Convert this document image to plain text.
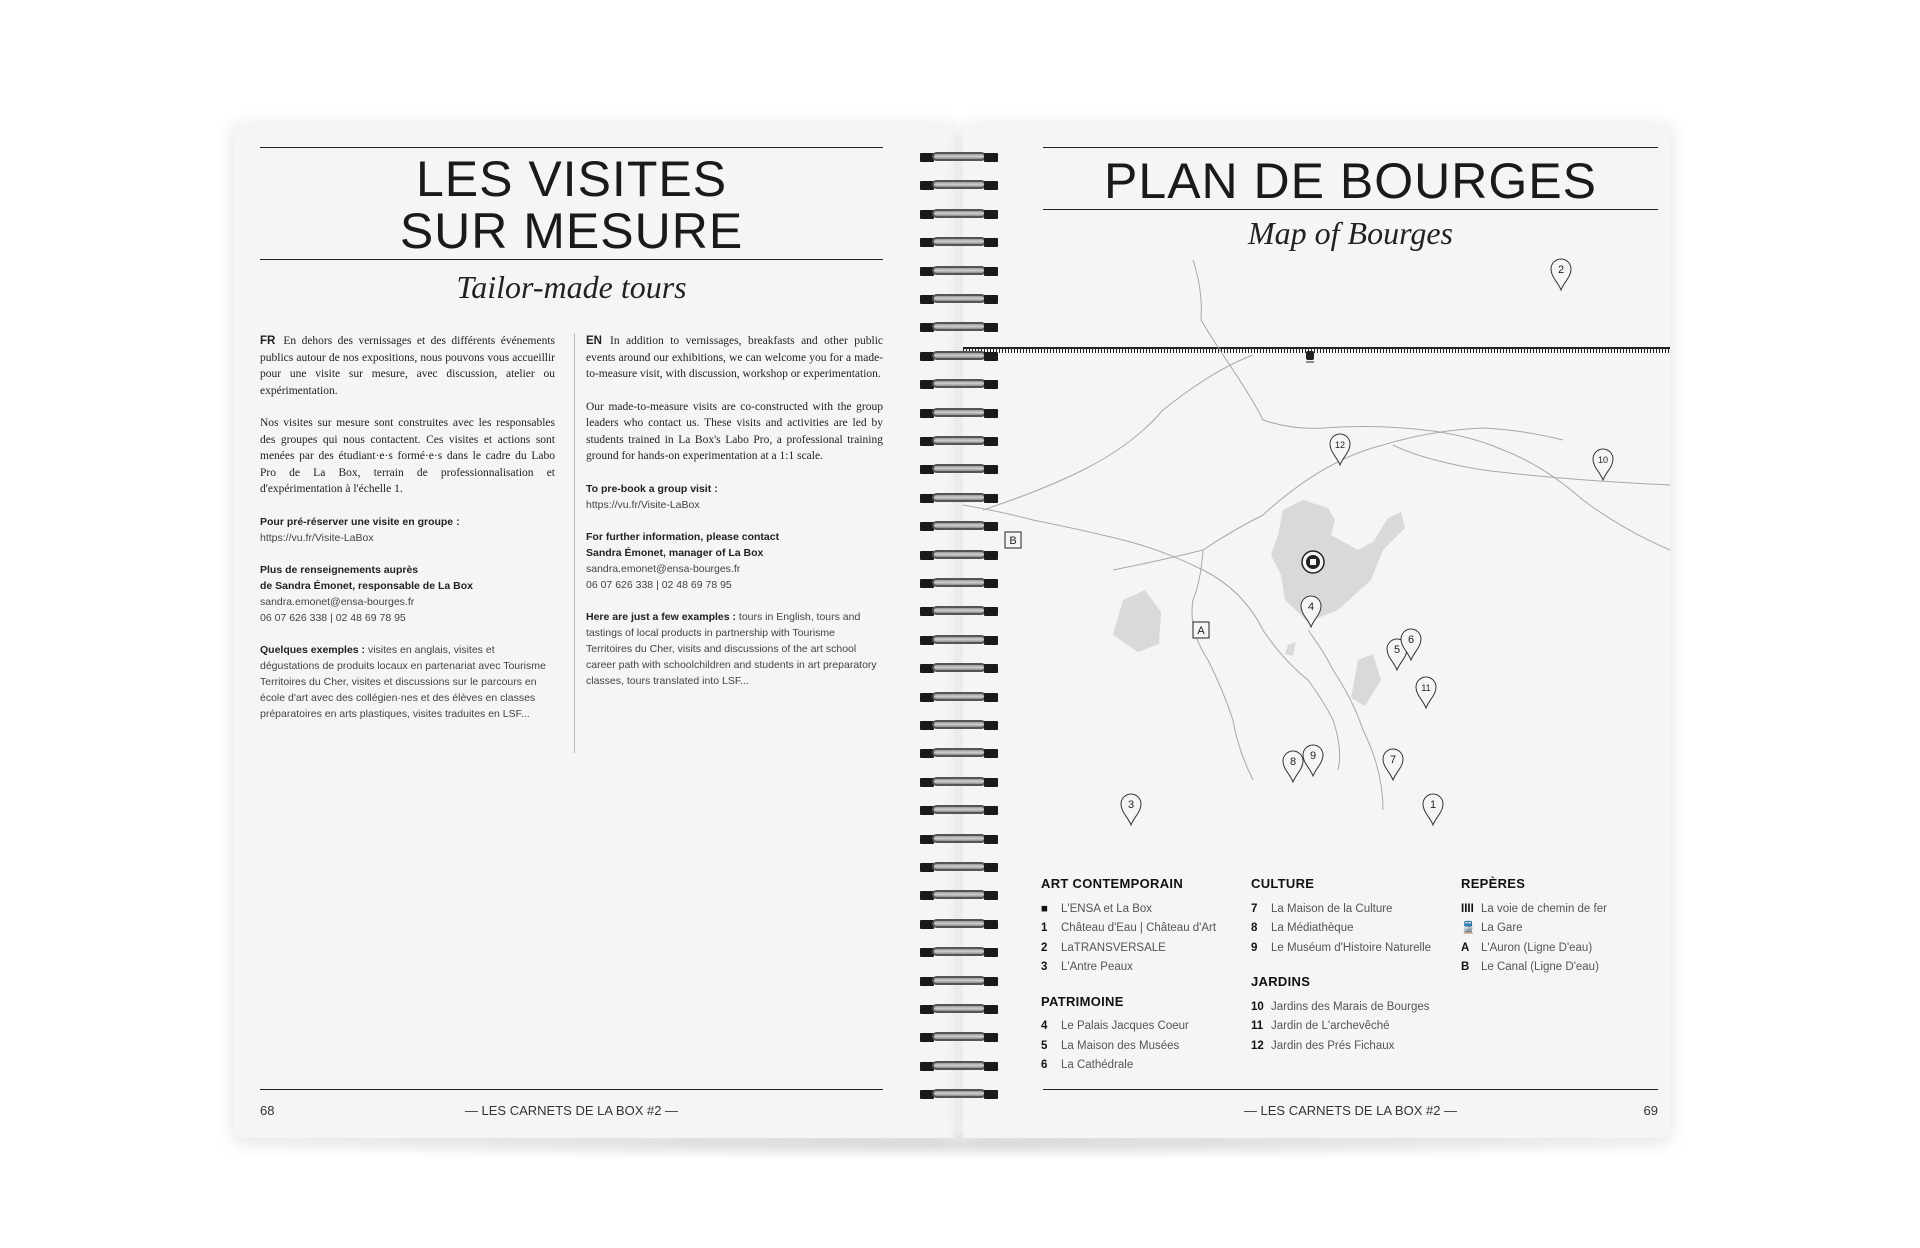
LES VISITES
SUR MESURE
Tailor-made tours

FR En dehors des vernissages et des différents événements publics autour de nos expositions, nous pouvons vous accueillir pour une visite sur mesure, avec discussion, atelier ou expérimentation.

Nos visites sur mesure sont construites avec les responsables des groupes qui nous contactent. Ces visites et actions sont menées par des étudiant·e·s formé·e·s dans le cadre du Labo Pro de La Box, terrain de professionnalisation et d'expérimentation à l'échelle 1.

Pour pré-réserver une visite en groupe :
https://vu.fr/Visite-LaBox
Plus de renseignements auprès
de Sandra Émonet, responsable de La Box
sandra.emonet@ensa-bourges.fr
06 07 626 338 | 02 48 69 78 95
Quelques exemples : visites en anglais, visites et dégustations de produits locaux en partenariat avec Tourisme Territoires du Cher, visites et discussions sur le parcours en école d'art avec des collégien·nes et des élèves en classes préparatoires en arts plastiques, visites traduites en LSF...

EN In addition to vernissages, breakfasts and other public events around our exhibitions, we can welcome you for a made-to-measure visit, with discussion, workshop or experimentation.

Our made-to-measure visits are co-constructed with the group leaders who contact us. These visits and activities are led by students trained in La Box's Labo Pro, a professional training ground for hands-on experimentation at a 1:1 scale.

To pre-book a group visit :
https://vu.fr/Visite-LaBox
For further information, please contact
Sandra Émonet, manager of La Box
sandra.emonet@ensa-bourges.fr
06 07 626 338 | 02 48 69 78 95
Here are just a few examples : tours in English, tours and tastings of local products in partnership with Tourisme Territoires du Cher, visits and discussions of the art school career path with schoolchildren and students in art preparatory classes, tours translated into LSF...
68	— LES CARNETS DE LA BOX #2 —
PLAN DE BOURGES
Map of Bourges
— LES CARNETS DE LA BOX #2 —	69
B
A
1
2
3
4
5
6
7
8 9
10
11
12
ART CONTEMPORAIN
■ L'ENSA et La Box
1 Château d'Eau | Château d'Art
2 LaTRANSVERSALE
3 L'Antre Peaux
PATRIMOINE
4 Le Palais Jacques Coeur
5 La Maison des Musées
6 La Cathédrale
CULTURE
7 La Maison de la Culture
8 La Médiathèque
9 Le Muséum d'Histoire Naturelle
JARDINS
10 Jardins des Marais de Bourges
11 Jardin de L'archevêché
12 Jardin des Prés Fichaux
REPÈRES
IIII La voie de chemin de fer
🚆 La Gare
A L'Auron (Ligne D'eau)
B Le Canal (Ligne D'eau)
